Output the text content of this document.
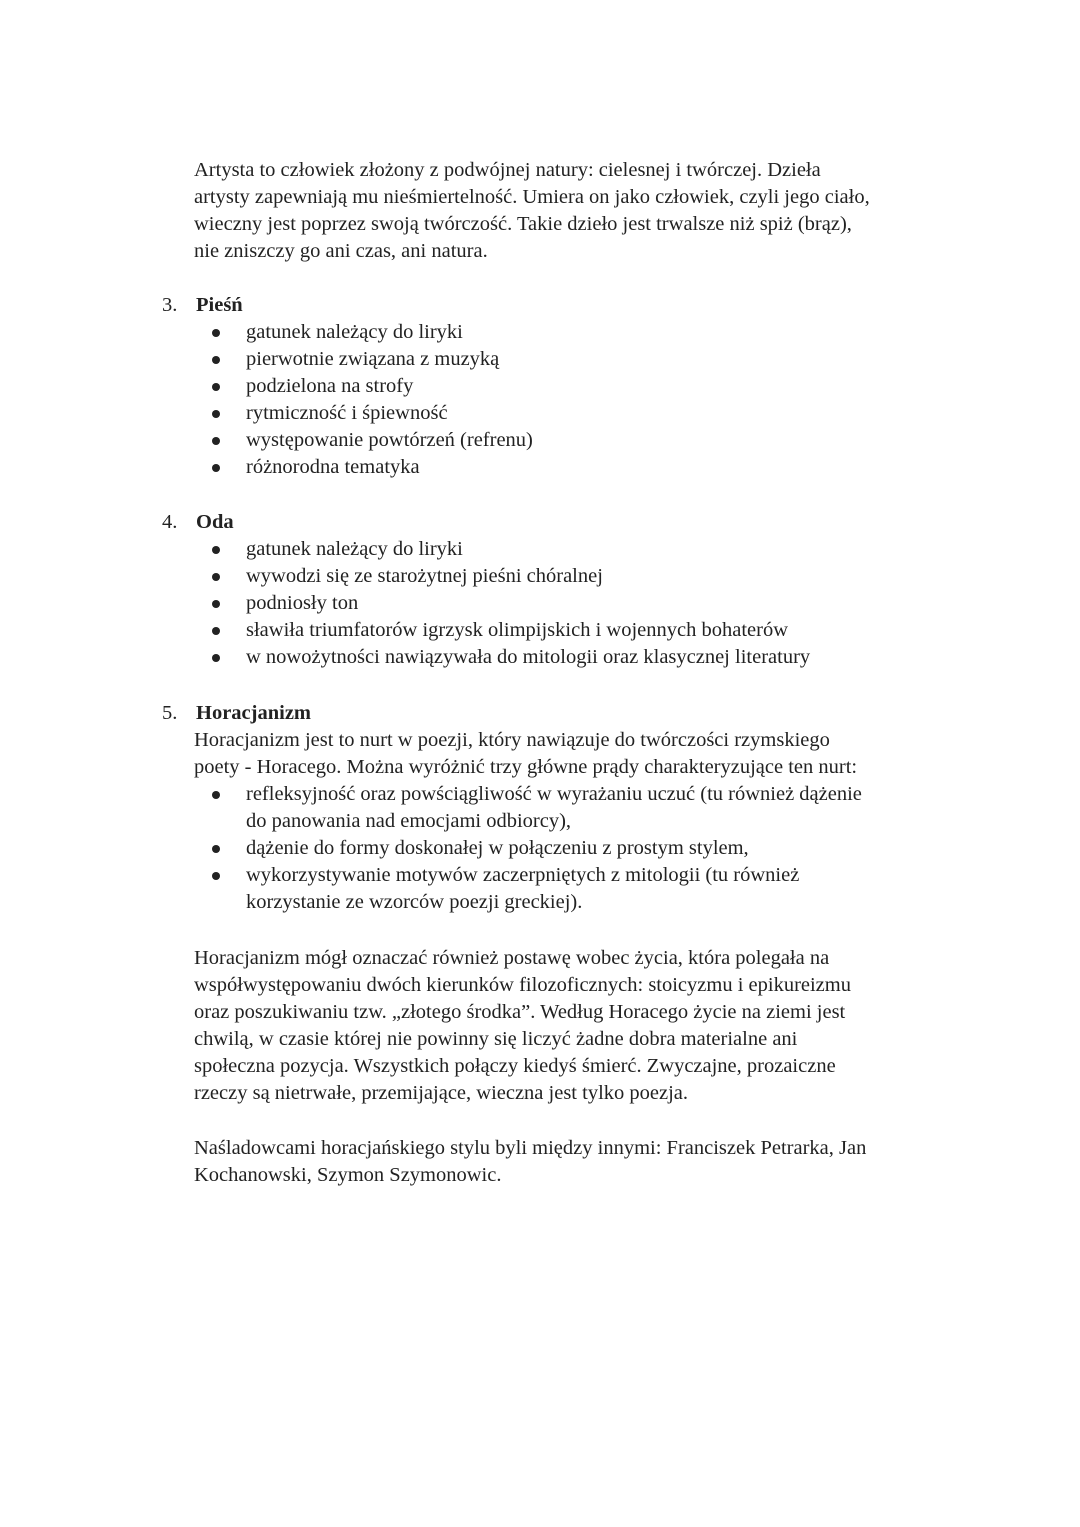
Artysta to człowiek złożony z podwójnej natury: cielesnej i twórczej. Dzieła
artysty zapewniają mu nieśmiertelność. Umiera on jako człowiek, czyli jego ciało,
wieczny jest poprzez swoją twórczość. Takie dzieło jest trwalsze niż spiż (brąz),
nie zniszczy go ani czas, ani natura.
3. Pieśń
gatunek należący do liryki
pierwotnie związana z muzyką
podzielona na strofy
rytmiczność i śpiewność
występowanie powtórzeń (refrenu)
różnorodna tematyka
4. Oda
gatunek należący do liryki
wywodzi się ze starożytnej pieśni chóralnej
podniosły ton
sławiła triumfatorów igrzysk olimpijskich i wojennych bohaterów
w nowożytności nawiązywała do mitologii oraz klasycznej literatury
5. Horacjanizm
Horacjanizm jest to nurt w poezji, który nawiązuje do twórczości rzymskiego
poety - Horacego. Można wyróżnić trzy główne prądy charakteryzujące ten nurt:
refleksyjność oraz powściągliwość w wyrażaniu uczuć (tu również dążenie
do panowania nad emocjami odbiorcy),
dążenie do formy doskonałej w połączeniu z prostym stylem,
wykorzystywanie motywów zaczerpniętych z mitologii (tu również
korzystanie ze wzorców poezji greckiej).
Horacjanizm mógł oznaczać również postawę wobec życia, która polegała na
współwystępowaniu dwóch kierunków filozoficznych: stoicyzmu i epikureizmu
oraz poszukiwaniu tzw. „złotego środka”. Według Horacego życie na ziemi jest
chwilą, w czasie której nie powinny się liczyć żadne dobra materialne ani
społeczna pozycja. Wszystkich połączy kiedyś śmierć. Zwyczajne, prozaiczne
rzeczy są nietrwałe, przemijające, wieczna jest tylko poezja.
Naśladowcami horacjańskiego stylu byli między innymi: Franciszek Petrarka, Jan
Kochanowski, Szymon Szymonowic.
